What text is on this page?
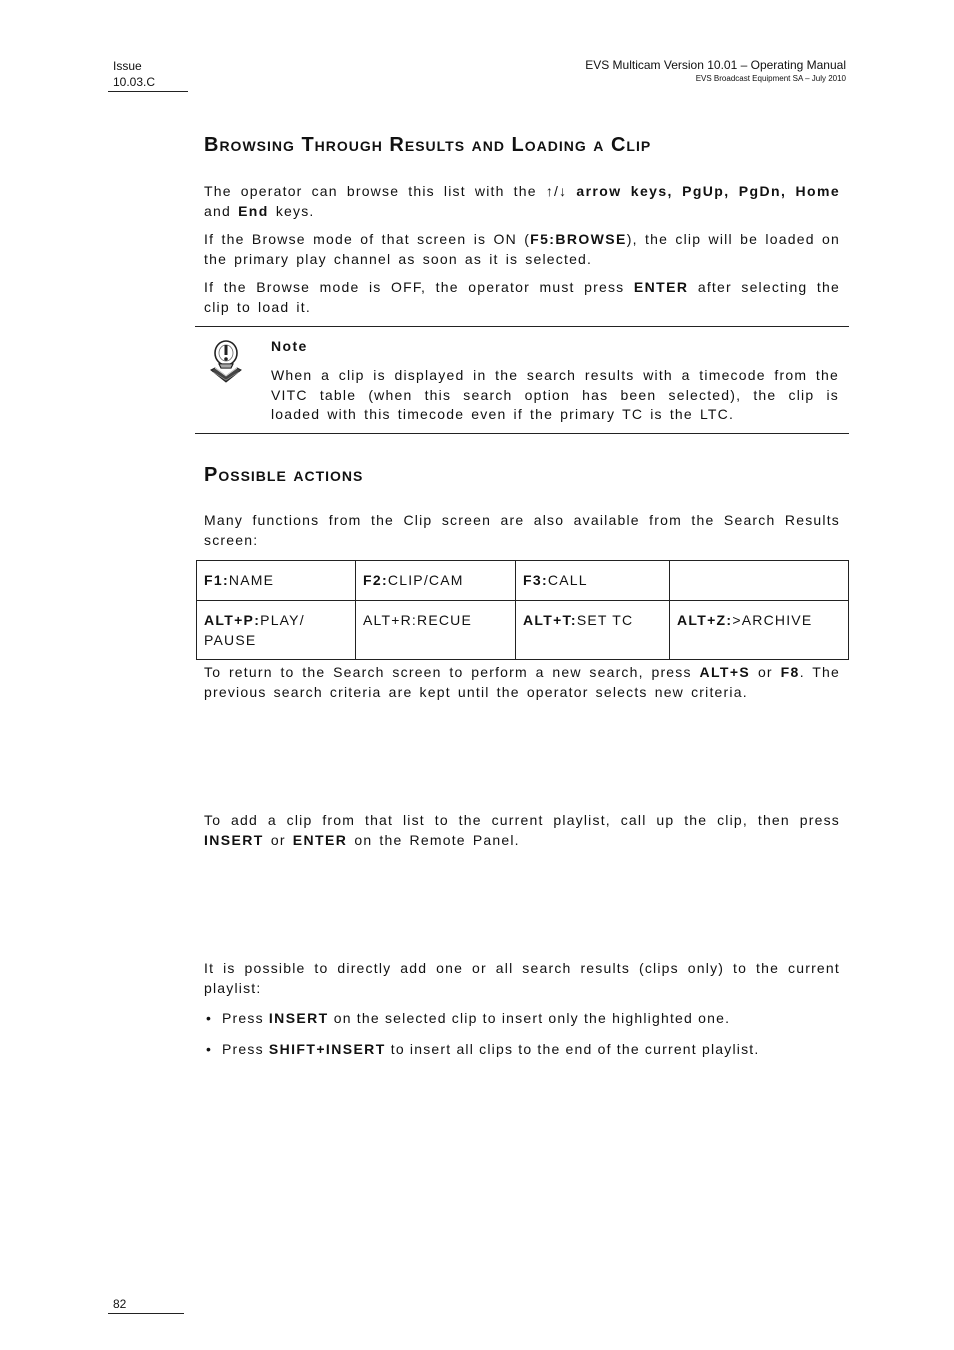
Issue
10.03.C
EVS Multicam Version 10.01 – Operating Manual
EVS Broadcast Equipment SA – July 2010
Browsing Through Results and Loading a Clip
The operator can browse this list with the ↑/↓ arrow keys, PgUp, PgDn, Home and End keys.
If the Browse mode of that screen is ON (F5:BROWSE), the clip will be loaded on the primary play channel as soon as it is selected.
If the Browse mode is OFF, the operator must press ENTER after selecting the clip to load it.
Note
When a clip is displayed in the search results with a timecode from the VITC table (when this search option has been selected), the clip is loaded with this timecode even if the primary TC is the LTC.
Possible actions
Many functions from the Clip screen are also available from the Search Results screen:
F1:NAME	F2:CLIP/CAM	F3:CALL	
ALT+P:PLAY/ PAUSE	ALT+R:RECUE	ALT+T:SET TC	ALT+Z:>ARCHIVE
To return to the Search screen to perform a new search, press ALT+S or F8. The previous search criteria are kept until the operator selects new criteria.
To add a clip from that list to the current playlist, call up the clip, then press INSERT or ENTER on the Remote Panel.
It is possible to directly add one or all search results (clips only) to the current playlist:
• Press INSERT on the selected clip to insert only the highlighted one.
• Press SHIFT+INSERT to insert all clips to the end of the current playlist.
82
